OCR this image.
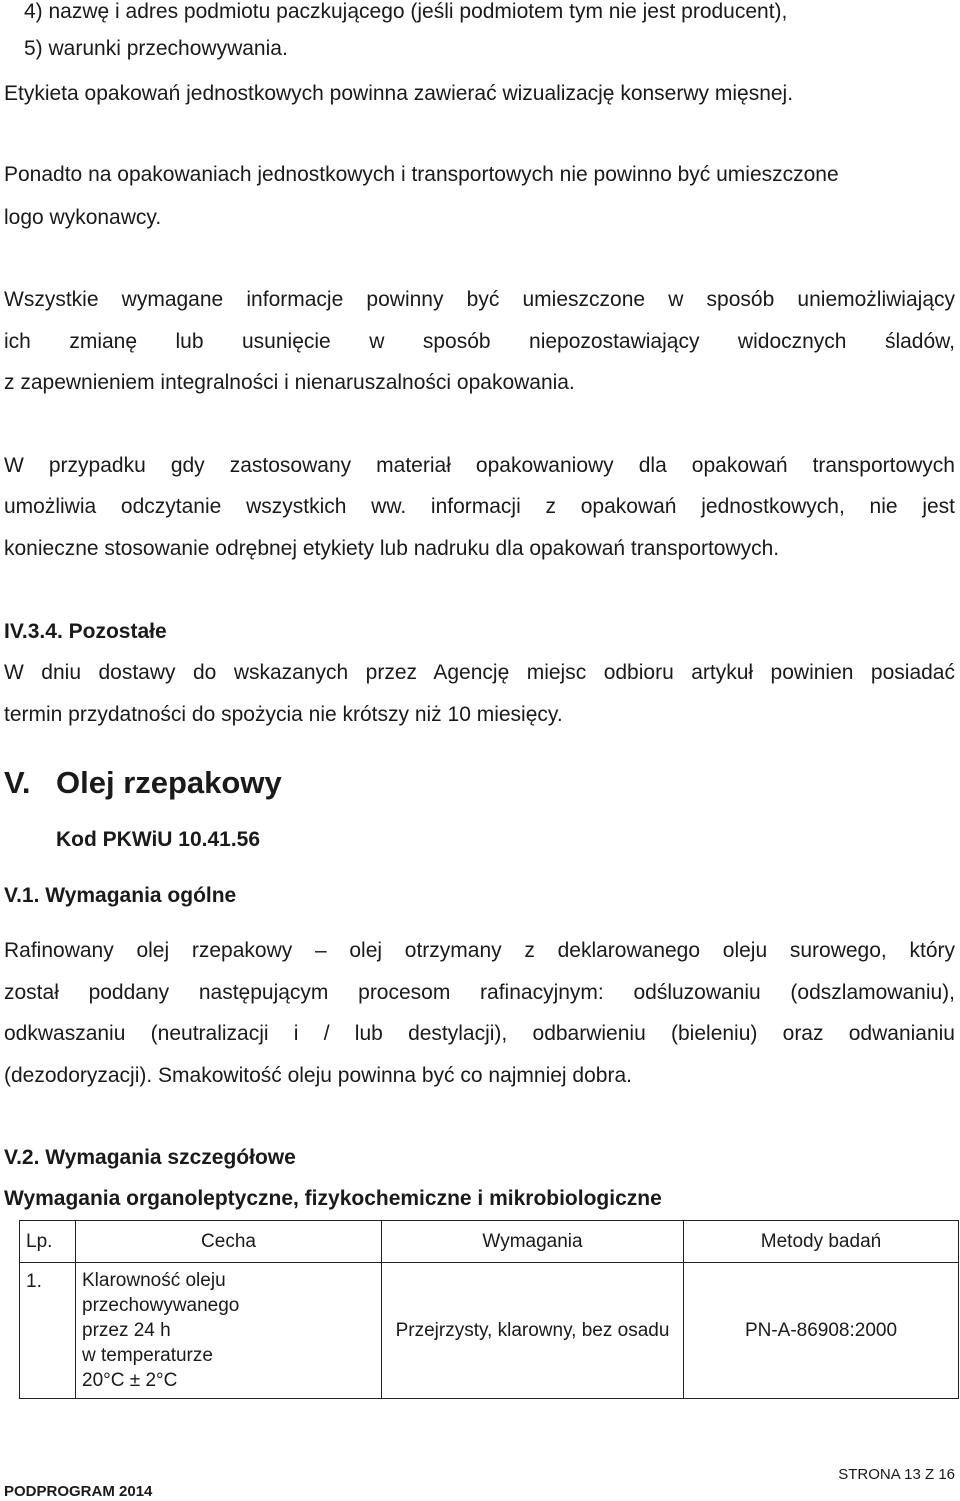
4) nazwę i adres podmiotu paczkującego (jeśli podmiotem tym nie jest producent),
5) warunki przechowywania.
Etykieta opakowań jednostkowych powinna zawierać wizualizację konserwy mięsnej.
Ponadto na opakowaniach jednostkowych i transportowych nie powinno być umieszczone
logo wykonawcy.
Wszystkie wymagane informacje powinny być umieszczone w sposób uniemożliwiający
ich zmianę lub usunięcie w sposób niepozostawiający widocznych śladów,
z zapewnieniem integralności i nienaruszalności opakowania.
W przypadku gdy zastosowany materiał opakowaniowy dla opakowań transportowych
umożliwia odczytanie wszystkich ww. informacji z opakowań jednostkowych, nie jest
konieczne stosowanie odrębnej etykiety lub nadruku dla opakowań transportowych.
IV.3.4. Pozostałe
W dniu dostawy do wskazanych przez Agencję miejsc odbioru artykuł powinien posiadać
termin przydatności do spożycia nie krótszy niż 10 miesięcy.
V. Olej rzepakowy
Kod PKWiU 10.41.56
V.1. Wymagania ogólne
Rafinowany olej rzepakowy – olej otrzymany z deklarowanego oleju surowego, który
został poddany następującym procesom rafinacyjnym: odśluzowaniu (odszlamowaniu),
odkwaszaniu (neutralizacji i / lub destylacji), odbarwieniu (bieleniu) oraz odwanianiu
(dezodoryzacji). Smakowitość oleju powinna być co najmniej dobra.
V.2. Wymagania szczegółowe
Wymagania organoleptyczne, fizykochemiczne i mikrobiologiczne
Lp.	Cecha	Wymagania	Metody badań
1.	Klarowność oleju
przechowywanego
przez 24 h
w temperaturze
20°C ± 2°C	Przejrzysty, klarowny, bez osadu	PN-A-86908:2000
PODPROGRAM 2014
STRONA 13 Z 16
